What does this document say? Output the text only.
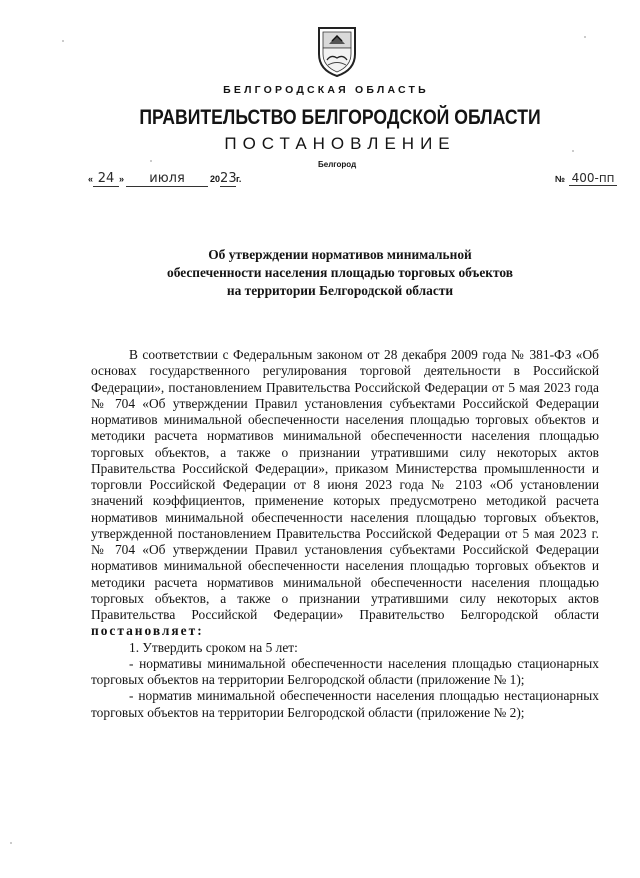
БЕЛГОРОДСКАЯ ОБЛАСТЬ
ПРАВИТЕЛЬСТВО БЕЛГОРОДСКОЙ ОБЛАСТИ
ПОСТАНОВЛЕНИЕ
Белгород
« 24 » июля	2023г.	№ 400-пп
Об утверждении нормативов минимальной
обеспеченности населения площадью торговых объектов
на территории Белгородской области

В соответствии с Федеральным законом от 28 декабря 2009 года № 381-ФЗ «Об основах государственного регулирования торговой деятельности в Российской Федерации», постановлением Правительства Российской Федерации от 5 мая 2023 года № 704 «Об утверждении Правил установления субъектами Российской Федерации нормативов минимальной обеспеченности населения площадью торговых объектов и методики расчета нормативов минимальной обеспеченности населения площадью торговых объектов, а также о признании утратившими силу некоторых актов Правительства Российской Федерации», приказом Министерства промышленности и торговли Российской Федерации от 8 июня 2023 года № 2103 «Об установлении значений коэффициентов, применение которых предусмотрено методикой расчета нормативов минимальной обеспеченности населения площадью торговых объектов, утвержденной постановлением Правительства Российской Федерации от 5 мая 2023 г. № 704 «Об утверждении Правил установления субъектами Российской Федерации нормативов минимальной обеспеченности населения площадью торговых объектов и методики расчета нормативов минимальной обеспеченности населения площадью торговых объектов, а также о признании утратившими силу некоторых актов Правительства Российской Федерации» Правительство Белгородской области постановляет:

1. Утвердить сроком на 5 лет:

- нормативы минимальной обеспеченности населения площадью стационарных торговых объектов на территории Белгородской области (приложение № 1);

- норматив минимальной обеспеченности населения площадью нестационарных торговых объектов на территории Белгородской области (приложение № 2);
